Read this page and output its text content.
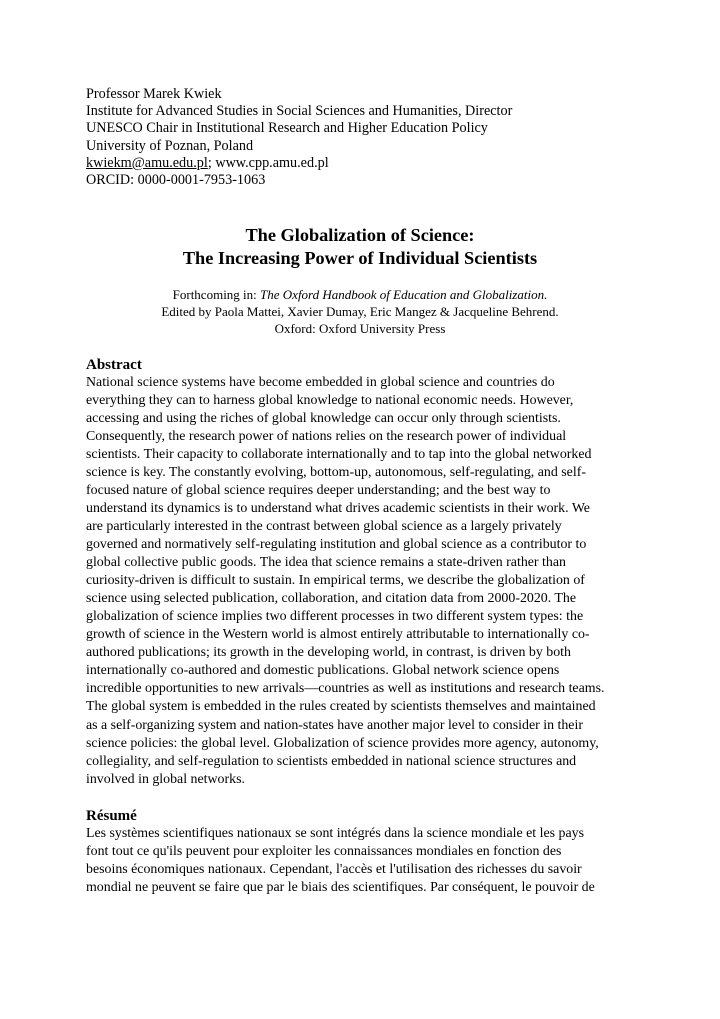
Professor Marek Kwiek
Institute for Advanced Studies in Social Sciences and Humanities, Director
UNESCO Chair in Institutional Research and Higher Education Policy
University of Poznan, Poland
kwiekm@amu.edu.pl; www.cpp.amu.ed.pl
ORCID: 0000-0001-7953-1063
The Globalization of Science:
The Increasing Power of Individual Scientists
Forthcoming in: The Oxford Handbook of Education and Globalization.
Edited by Paola Mattei, Xavier Dumay, Eric Mangez & Jacqueline Behrend.
Oxford: Oxford University Press
Abstract
National science systems have become embedded in global science and countries do
everything they can to harness global knowledge to national economic needs. However,
accessing and using the riches of global knowledge can occur only through scientists.
Consequently, the research power of nations relies on the research power of individual
scientists. Their capacity to collaborate internationally and to tap into the global networked
science is key. The constantly evolving, bottom-up, autonomous, self-regulating, and self-
focused nature of global science requires deeper understanding; and the best way to
understand its dynamics is to understand what drives academic scientists in their work. We
are particularly interested in the contrast between global science as a largely privately
governed and normatively self-regulating institution and global science as a contributor to
global collective public goods. The idea that science remains a state-driven rather than
curiosity-driven is difficult to sustain. In empirical terms, we describe the globalization of
science using selected publication, collaboration, and citation data from 2000-2020. The
globalization of science implies two different processes in two different system types: the
growth of science in the Western world is almost entirely attributable to internationally co-
authored publications; its growth in the developing world, in contrast, is driven by both
internationally co-authored and domestic publications. Global network science opens
incredible opportunities to new arrivals—countries as well as institutions and research teams.
The global system is embedded in the rules created by scientists themselves and maintained
as a self-organizing system and nation-states have another major level to consider in their
science policies: the global level. Globalization of science provides more agency, autonomy,
collegiality, and self-regulation to scientists embedded in national science structures and
involved in global networks.
Résumé
Les systèmes scientifiques nationaux se sont intégrés dans la science mondiale et les pays
font tout ce qu'ils peuvent pour exploiter les connaissances mondiales en fonction des
besoins économiques nationaux. Cependant, l'accès et l'utilisation des richesses du savoir
mondial ne peuvent se faire que par le biais des scientifiques. Par conséquent, le pouvoir de
